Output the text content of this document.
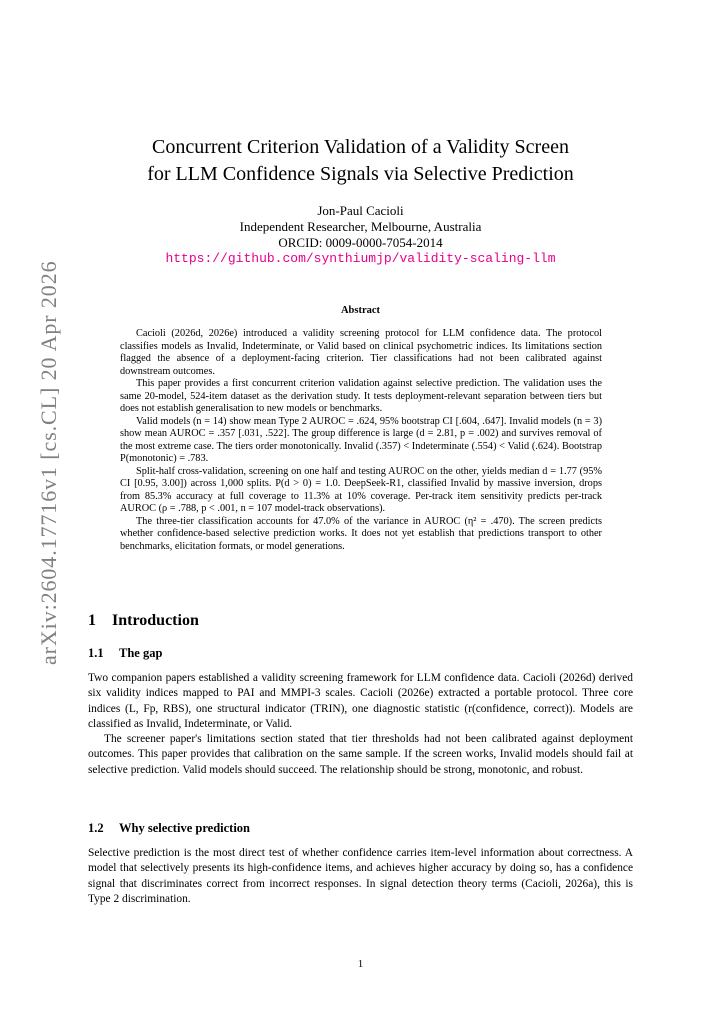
arXiv:2604.17716v1 [cs.CL] 20 Apr 2026
Concurrent Criterion Validation of a Validity Screen
for LLM Confidence Signals via Selective Prediction
Jon-Paul Cacioli
Independent Researcher, Melbourne, Australia
ORCID: 0009-0000-7054-2014
https://github.com/synthiumjp/validity-scaling-llm
Abstract

Cacioli (2026d, 2026e) introduced a validity screening protocol for LLM confidence data. The protocol classifies models as Invalid, Indeterminate, or Valid based on clinical psychometric indices. Its limitations section flagged the absence of a deployment-facing criterion. Tier classifications had not been calibrated against downstream outcomes.

This paper provides a first concurrent criterion validation against selective prediction. The validation uses the same 20-model, 524-item dataset as the derivation study. It tests deployment-relevant separation between tiers but does not establish generalisation to new models or benchmarks.

Valid models (n = 14) show mean Type 2 AUROC = .624, 95% bootstrap CI [.604, .647]. Invalid models (n = 3) show mean AUROC = .357 [.031, .522]. The group difference is large (d = 2.81, p = .002) and survives removal of the most extreme case. The tiers order monotonically. Invalid (.357) < Indeterminate (.554) < Valid (.624). Bootstrap P(monotonic) = .783.

Split-half cross-validation, screening on one half and testing AUROC on the other, yields median d = 1.77 (95% CI [0.95, 3.00]) across 1,000 splits. P(d > 0) = 1.0. DeepSeek-R1, classified Invalid by massive inversion, drops from 85.3% accuracy at full coverage to 11.3% at 10% coverage. Per-track item sensitivity predicts per-track AUROC (ρ = .788, p < .001, n = 107 model-track observations).

The three-tier classification accounts for 47.0% of the variance in AUROC (η² = .470). The screen predicts whether confidence-based selective prediction works. It does not yet establish that predictions transport to other benchmarks, elicitation formats, or model generations.

1 Introduction
1.1 The gap

Two companion papers established a validity screening framework for LLM confidence data. Cacioli (2026d) derived six validity indices mapped to PAI and MMPI-3 scales. Cacioli (2026e) extracted a portable protocol. Three core indices (L, Fp, RBS), one structural indicator (TRIN), one diagnostic statistic (r(confidence, correct)). Models are classified as Invalid, Indeterminate, or Valid.

The screener paper's limitations section stated that tier thresholds had not been calibrated against deployment outcomes. This paper provides that calibration on the same sample. If the screen works, Invalid models should fail at selective prediction. Valid models should succeed. The relationship should be strong, monotonic, and robust.

1.2 Why selective prediction

Selective prediction is the most direct test of whether confidence carries item-level information about correctness. A model that selectively presents its high-confidence items, and achieves higher accuracy by doing so, has a confidence signal that discriminates correct from incorrect responses. In signal detection theory terms (Cacioli, 2026a), this is Type 2 discrimination.

1
